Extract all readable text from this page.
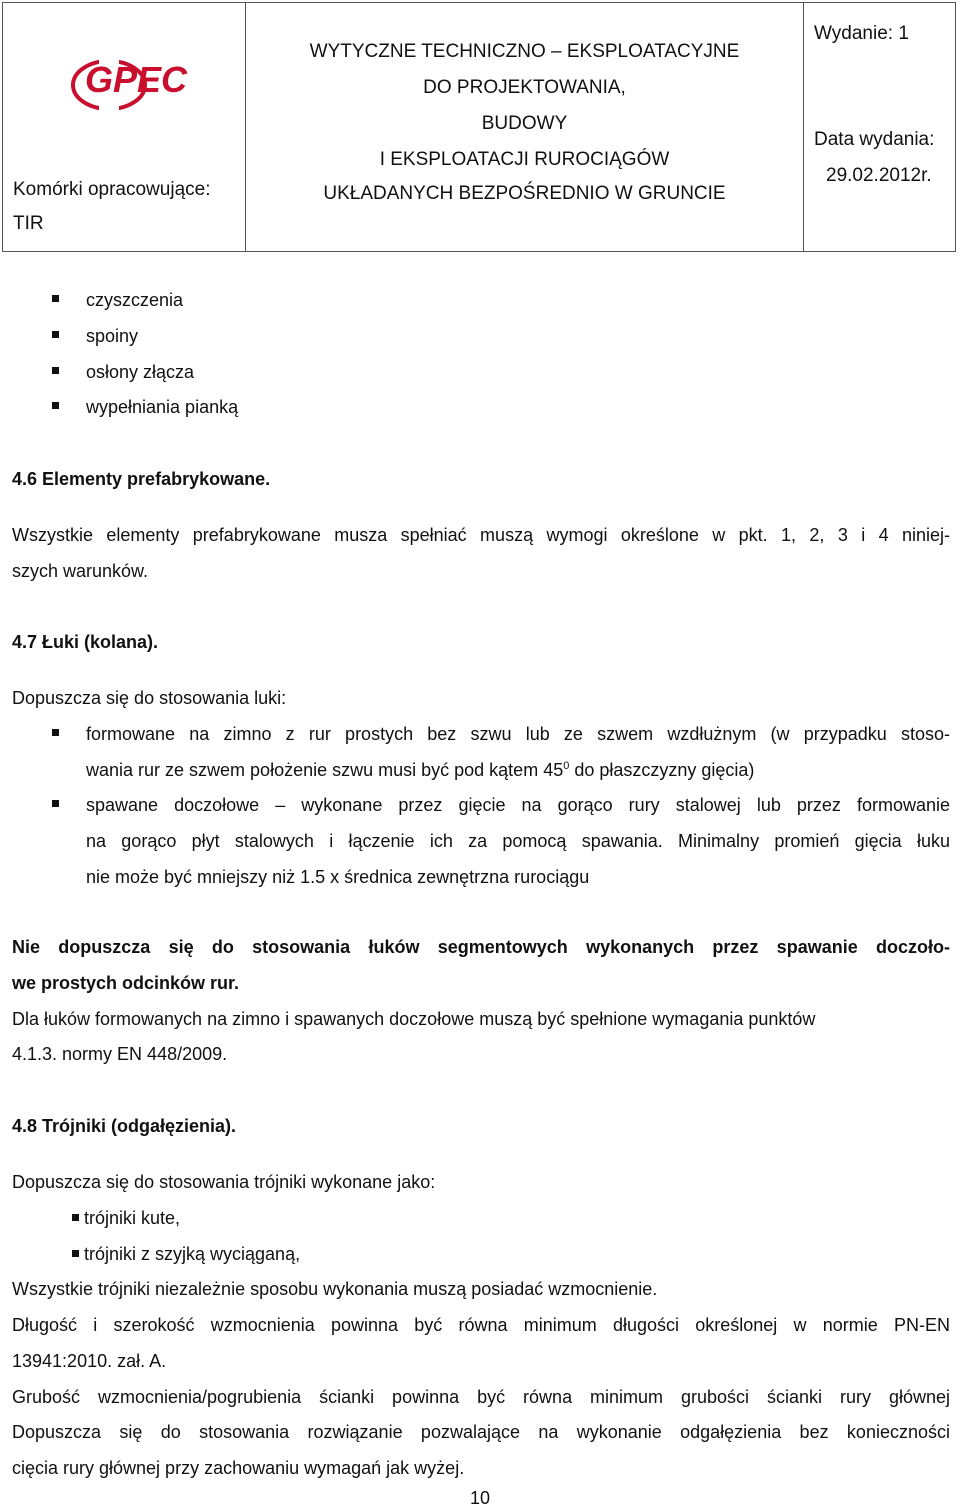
GPEC
Komórki opracowujące:
TIR
WYTYCZNE TECHNICZNO – EKSPLOATACYJNE
DO PROJEKTOWANIA,
BUDOWY
I EKSPLOATACJI RUROCIĄGÓW
UKŁADANYCH BEZPOŚREDNIO W GRUNCIE
Wydanie: 1
Data wydania:
29.02.2012r.
czyszczenia
spoiny
osłony złącza
wypełniania pianką
4.6 Elementy prefabrykowane.
Wszystkie elementy prefabrykowane musza spełniać muszą wymogi określone w pkt. 1, 2, 3 i 4 niniej-
szych warunków.
4.7 Łuki (kolana).
Dopuszcza się do stosowania luki:
formowane na zimno z rur prostych bez szwu lub ze szwem wzdłużnym (w przypadku stoso-
wania rur ze szwem położenie szwu musi być pod kątem $45^0$ do płaszczyzny gięcia)
spawane doczołowe – wykonane przez gięcie na gorąco rury stalowej lub przez formowanie
na gorąco płyt stalowych i łączenie ich za pomocą spawania. Minimalny promień gięcia łuku
nie może być mniejszy niż 1.5 x średnica zewnętrzna rurociągu
Nie dopuszcza się do stosowania łuków segmentowych wykonanych przez spawanie doczoło-
we prostych odcinków rur.
Dla łuków formowanych na zimno i spawanych doczołowe muszą być spełnione wymagania punktów
4.1.3. normy EN 448/2009.
4.8 Trójniki (odgałęzienia).
Dopuszcza się do stosowania trójniki wykonane jako:
trójniki kute,
trójniki z szyjką wyciąganą,
Wszystkie trójniki niezależnie sposobu wykonania muszą posiadać wzmocnienie.
Długość i szerokość wzmocnienia powinna być równa minimum długości określonej w normie PN-EN
13941:2010. zał. A.
Grubość wzmocnienia/pogrubienia ścianki powinna być równa minimum grubości ścianki rury głównej
Dopuszcza się do stosowania rozwiązanie pozwalające na wykonanie odgałęzienia bez konieczności
cięcia rury głównej przy zachowaniu wymagań jak wyżej.
10
